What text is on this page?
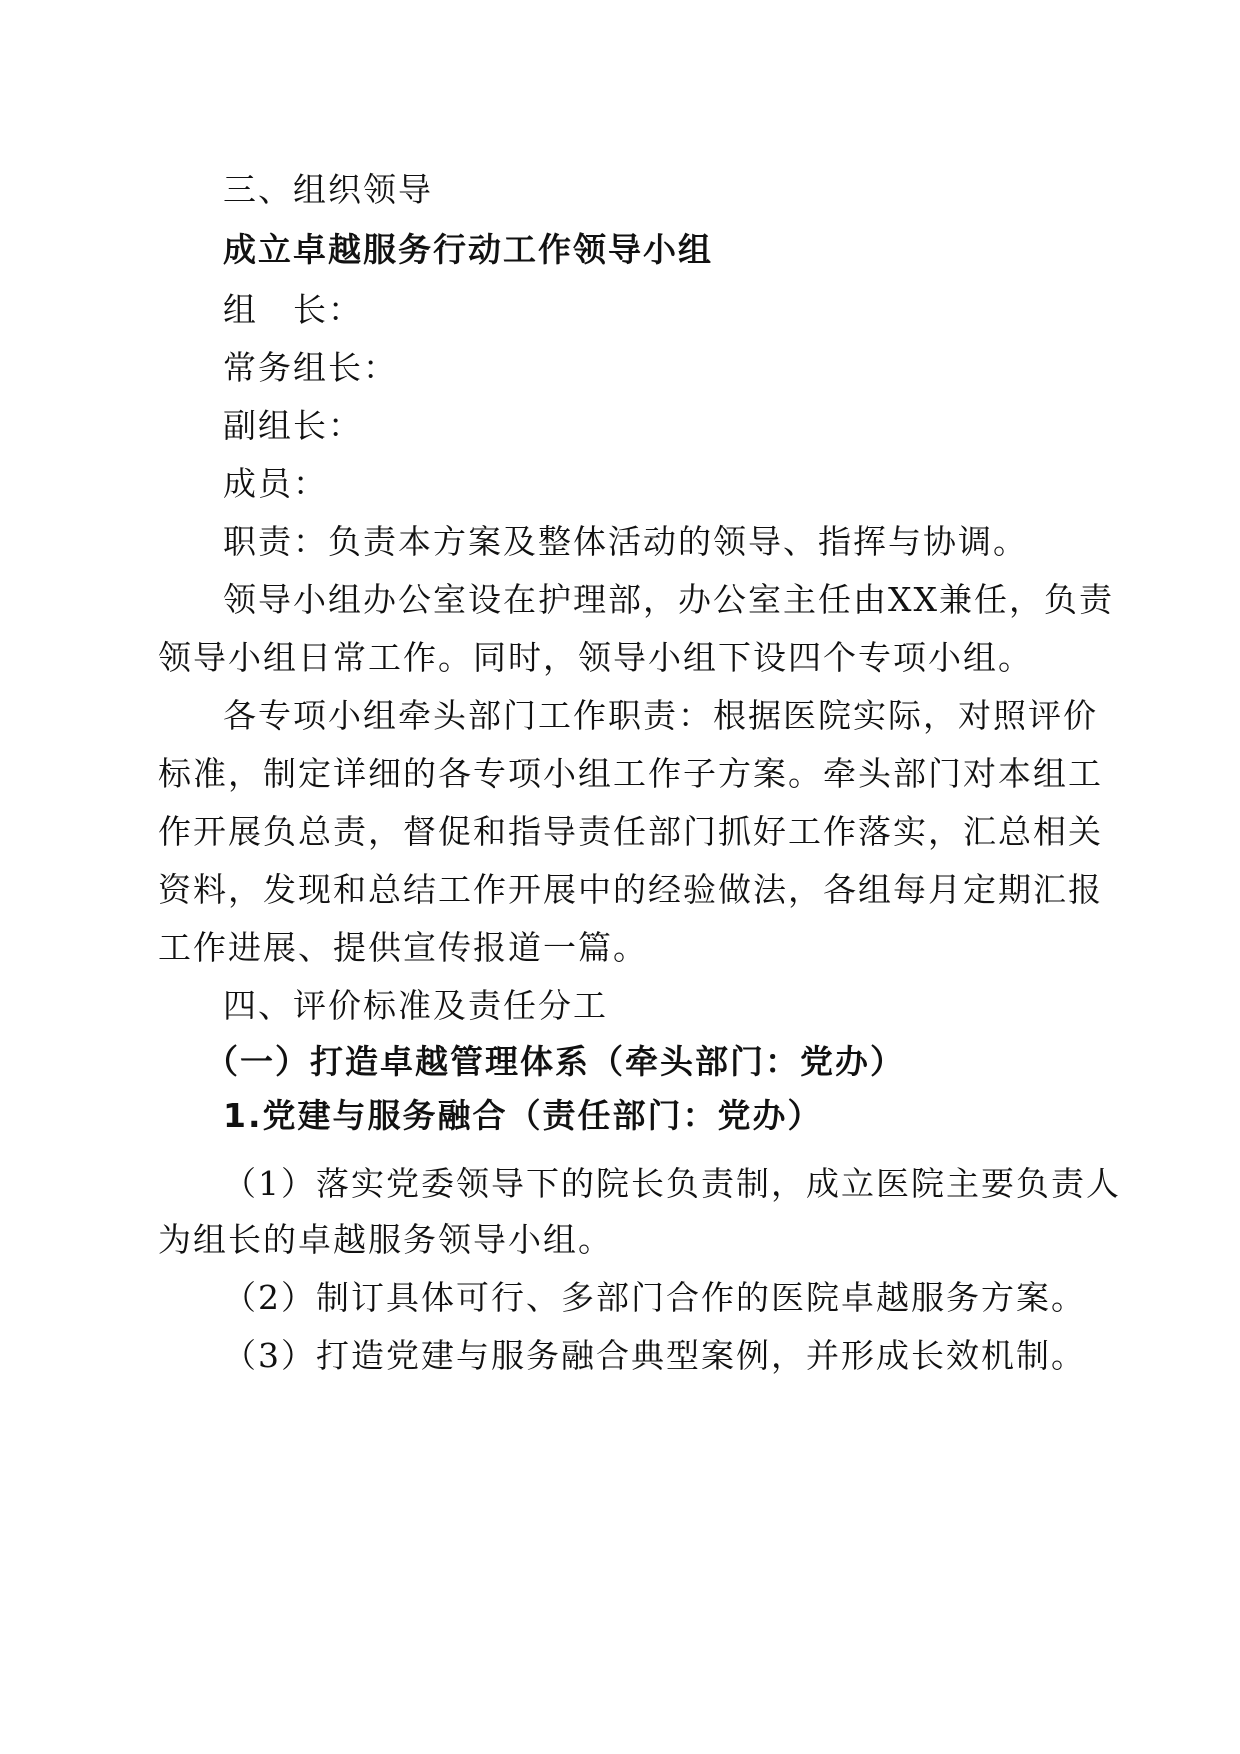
三、组织领导
成立卓越服务行动工作领导小组
组　长：
常务组长：
副组长：
成员：
职责：负责本方案及整体活动的领导、指挥与协调。
领导小组办公室设在护理部，办公室主任由XX兼任，负责
领导小组日常工作。同时，领导小组下设四个专项小组。
各专项小组牵头部门工作职责：根据医院实际，对照评价
标准，制定详细的各专项小组工作子方案。牵头部门对本组工
作开展负总责，督促和指导责任部门抓好工作落实，汇总相关
资料，发现和总结工作开展中的经验做法，各组每月定期汇报
工作进展、提供宣传报道一篇。
四、评价标准及责任分工
（一）打造卓越管理体系（牵头部门：党办）
1.党建与服务融合（责任部门：党办）
（1）落实党委领导下的院长负责制，成立医院主要负责人
为组长的卓越服务领导小组。
（2）制订具体可行、多部门合作的医院卓越服务方案。
（3）打造党建与服务融合典型案例，并形成长效机制。
